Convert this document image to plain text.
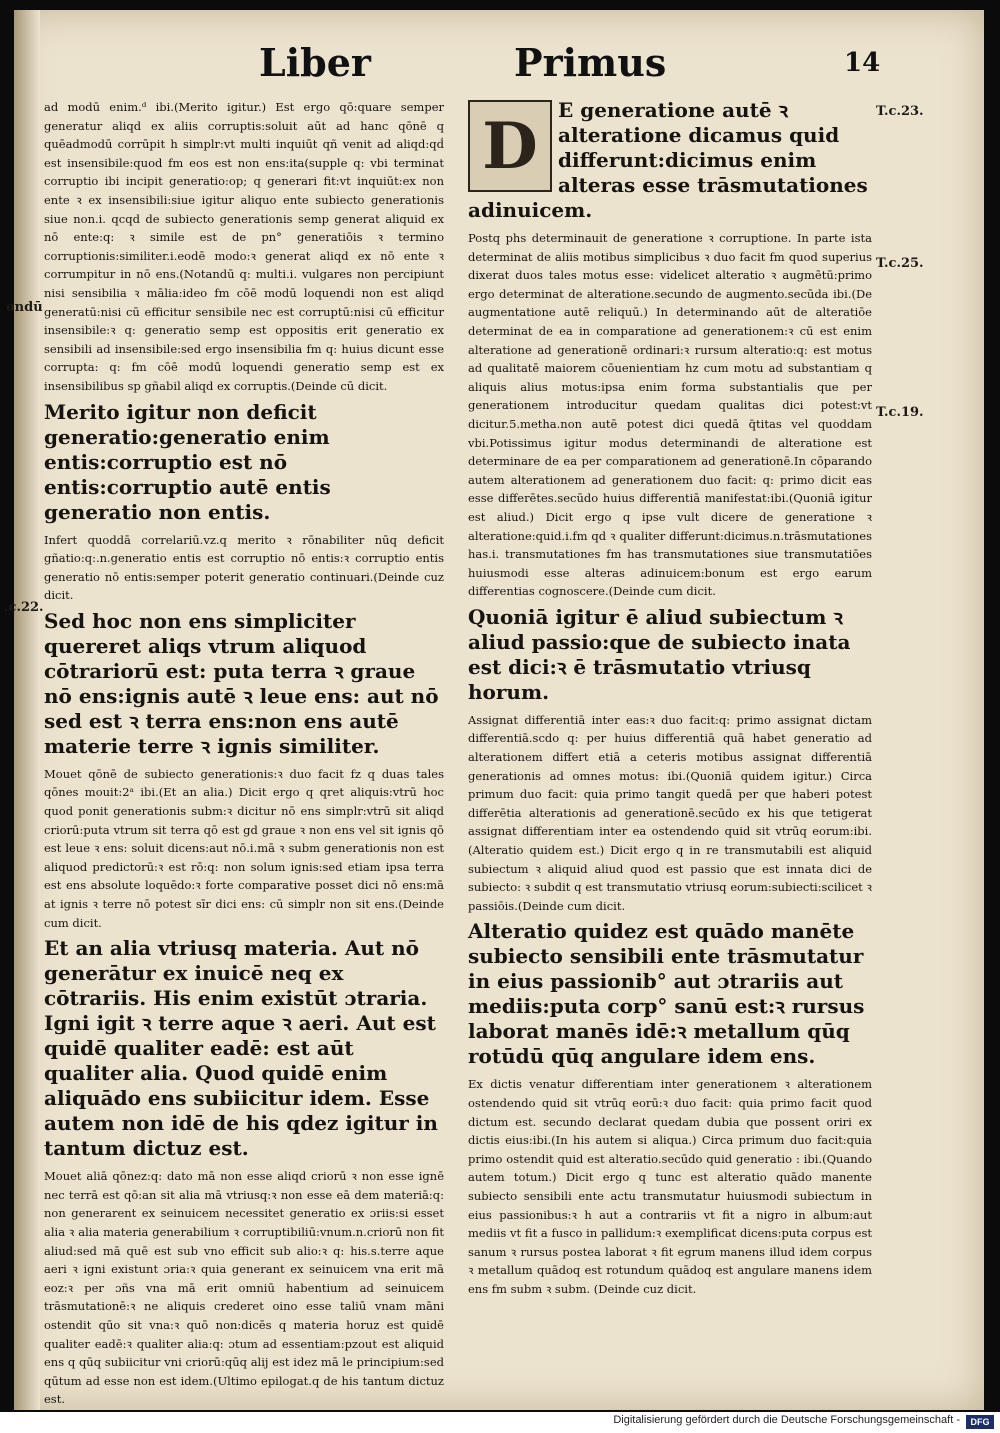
Liber	Primus	14
ondū
.c.22.
T.c.23.
T.c.25.
T.c.19.

ad modū enim.ᵈ ibi.(Merito igitur.) Est ergo qō:quare semper generatur aliqd ex aliis corruptis:soluit aūt ad hanc qōnē q quēadmodū corrūpit h simplr:vt multi inquiūt qñ venit ad aliqd:qḋ est insensibile:quod fm eos est non ens:ita(supple q: vbi terminat corruptio ibi incipit generatio:op; q generari fit:vt inquiūt:ex non ente ꝛ ex insensibili:siue igitur aliquo ente subiecto generationis siue non.i. qcqd de subiecto generationis semp generat aliquid ex nō ente:q: ꝛ simile est de pn° generatiōis ꝛ termino corruptionis:similiter.i.eodē modo:ꝛ generat aliqd ex nō ente ꝛ corrumpitur in nō ens.(Notandū q: multi.i. vulgares non percipiunt nisi sensibilia ꝛ mālia:ideo fm cōē modū loquendi non est aliqd generatū:nisi cū efficitur sensibile nec est corruptū:nisi cū efficitur insensibile:ꝛ q: generatio semp est oppositis erit generatio ex sensibili ad insensibile:sed ergo insensibilia fm q: huius dicunt esse corrupta: q: fm cōē modū loquendi generatio semp est ex insensibilibus sp gñabil aliqd ex corruptis.(Deinde cū dicit.

Merito igitur non deficit generatio:generatio enim entis:corruptio est nō entis:corruptio autē entis generatio non entis.

Infert quoddā correlariū.vz.q merito ꝛ rōnabiliter nūq deficit gñatio:q:.n.generatio entis est corruptio nō entis:ꝛ corruptio entis generatio nō entis:semper poterit generatio continuari.(Deinde cuz dicit.

Sed hoc non ens simpliciter quereret aliqs vtrum aliquod cōtrariorū est: puta terra ꝛ graue nō ens:ignis autē ꝛ leue ens: aut nō sed est ꝛ terra ens:non ens autē materie terre ꝛ ignis similiter.

Mouet qōnē de subiecto generationis:ꝛ duo facit fz q duas tales qōnes mouit:2ᵃ ibi.(Et an alia.) Dicit ergo q qret aliquis:vtrū hoc quod ponit generationis subm:ꝛ dicitur nō ens simplr:vtrū sit aliqd criorū:puta vtrum sit terra qō est gd graue ꝛ non ens vel sit ignis qō est leue ꝛ ens: soluit dicens:aut nō.i.mā ꝛ subm generationis non est aliquod predictorū:ꝛ est rō:q: non solum ignis:sed etiam ipsa terra est ens absolute loquēdo:ꝛ forte comparative posset dici nō ens:mā at ignis ꝛ terre nō potest sīr dici ens: cū simplr non sit ens.(Deinde cum dicit.

Et an alia vtriusq materia. Aut nō generātur ex inuicē neq ex cōtrariis. His enim existūt ɔtraria. Igni igit ꝛ terre aque ꝛ aeri. Aut est quidē qualiter eadē: est aūt qualiter alia. Quod quidē enim aliquādo ens subiicitur idem. Esse autem non idē de his qdez igitur in tantum dictuz est.

Mouet aliā qōnez:q: dato mā non esse aliqd criorū ꝛ non esse ignē nec terrā est qō:an sit alia mā vtriusq:ꝛ non esse eā dem materiā:q: non generarent ex seinuicem necessitet generatio ex ɔriis:si esset alia ꝛ alia materia generabilium ꝛ corruptibiliū:vnum.n.criorū non fit aliud:sed mā quē est sub vno efficit sub alio:ꝛ q: his.s.terre aque aeri ꝛ igni existunt ɔria:ꝛ quia generant ex seinuicem vna erit mā eoz:ꝛ per ɔñs vna mā erit omniū habentium ad seinuicem trāsmutationē:ꝛ ne aliquis crederet oino esse taliū vnam māni ostendit qūo sit vna:ꝛ quō non:dicēs q materia horuz est quidē qualiter eadē:ꝛ qualiter alia:q: ɔtum ad essentiam:pzout est aliquid ens q qūq subiicitur vni criorū:qūq alij est idez mā le principium:sed qūtum ad esse non est idem.(Ultimo epilogat.q de his tantum dictuz est.

D	E generatione autē ꝛ alteratione dicamus quid differunt:dicimus enim alteras esse trāsmutationes adinuicem.

Postq phs determinauit de generatione ꝛ corruptione. In parte ista determinat de aliis motibus simplicibus ꝛ duo facit fm quod superius dixerat duos tales motus esse: videlicet alteratio ꝛ augmētū:primo ergo determinat de alteratione.secundo de augmento.secūda ibi.(De augmentatione autē reliquū.) In determinando aūt de alteratiōe determinat de ea in comparatione ad generationem:ꝛ cū est enim alteratione ad generationē ordinari:ꝛ rursum alteratio:q: est motus ad qualitatē maiorem cōuenientiam hz cum motu ad substantiam q aliquis alius motus:ipsa enim forma substantialis que per generationem introducitur quedam qualitas dici potest:vt dicitur.5.metha.non autē potest dici quedā q̄titas vel quoddam vbi.Potissimus igitur modus determinandi de alteratione est determinare de ea per comparationem ad generationē.In cōparando autem alterationem ad generationem duo facit: q: primo dicit eas esse differētes.secūdo huius differentiā manifestat:ibi.(Quoniā igitur est aliud.) Dicit ergo q ipse vult dicere de generatione ꝛ alteratione:quid.i.fm qd ꝛ qualiter differunt:dicimus.n.trāsmutationes has.i. transmutationes fm has transmutationes siue transmutatiōes huiusmodi esse alteras adinuicem:bonum est ergo earum differentias cognoscere.(Deinde cum dicit.

Quoniā igitur ē aliud subiectum ꝛ aliud passio:que de subiecto inata est dici:ꝛ ē trāsmutatio vtriusq horum.

Assignat differentiā inter eas:ꝛ duo facit:q: primo assignat dictam differentiā.scdo q: per huius differentiā quā habet generatio ad alterationem differt etiā a ceteris motibus assignat differentiā generationis ad omnes motus: ibi.(Quoniā quidem igitur.) Circa primum duo facit: quia primo tangit quedā per que haberi potest differētia alterationis ad generationē.secūdo ex his que tetigerat assignat differentiam inter ea ostendendo quid sit vtrūq eorum:ibi.(Alteratio quidem est.) Dicit ergo q in re transmutabili est aliquid subiectum ꝛ aliquid aliud quod est passio que est innata dici de subiecto: ꝛ subdit q est transmutatio vtriusq eorum:subiecti:scilicet ꝛ passiōis.(Deinde cum dicit.

Alteratio quidez est quādo manēte subiecto sensibili ente trāsmutatur in eius passionib° aut ɔtrariis aut mediis:puta corp° sanū est:ꝛ rursus laborat manēs idē:ꝛ metallum qūq rotūdū qūq angulare idem ens.

Ex dictis venatur differentiam inter generationem ꝛ alterationem ostendendo quid sit vtrūq eorū:ꝛ duo facit: quia primo facit quod dictum est. secundo declarat quedam dubia que possent oriri ex dictis eius:ibi.(In his autem si aliqua.) Circa primum duo facit:quia primo ostendit quid est alteratio.secūdo quid generatio : ibi.(Quando autem totum.) Dicit ergo q tunc est alteratio quādo manente subiecto sensibili ente actu transmutatur huiusmodi subiectum in eius passionibus:ꝛ h aut a contrariis vt fit a nigro in album:aut mediis vt fit a fusco in pallidum:ꝛ exemplificat dicens:puta corpus est sanum ꝛ rursus postea laborat ꝛ fit egrum manens illud idem corpus ꝛ metallum quādoq est rotundum quādoq est angulare manens idem ens fm subm ꝛ subm. (Deinde cuz dicit.

Digitalisierung gefördert durch die Deutsche Forschungsgemeinschaft -	DFG
